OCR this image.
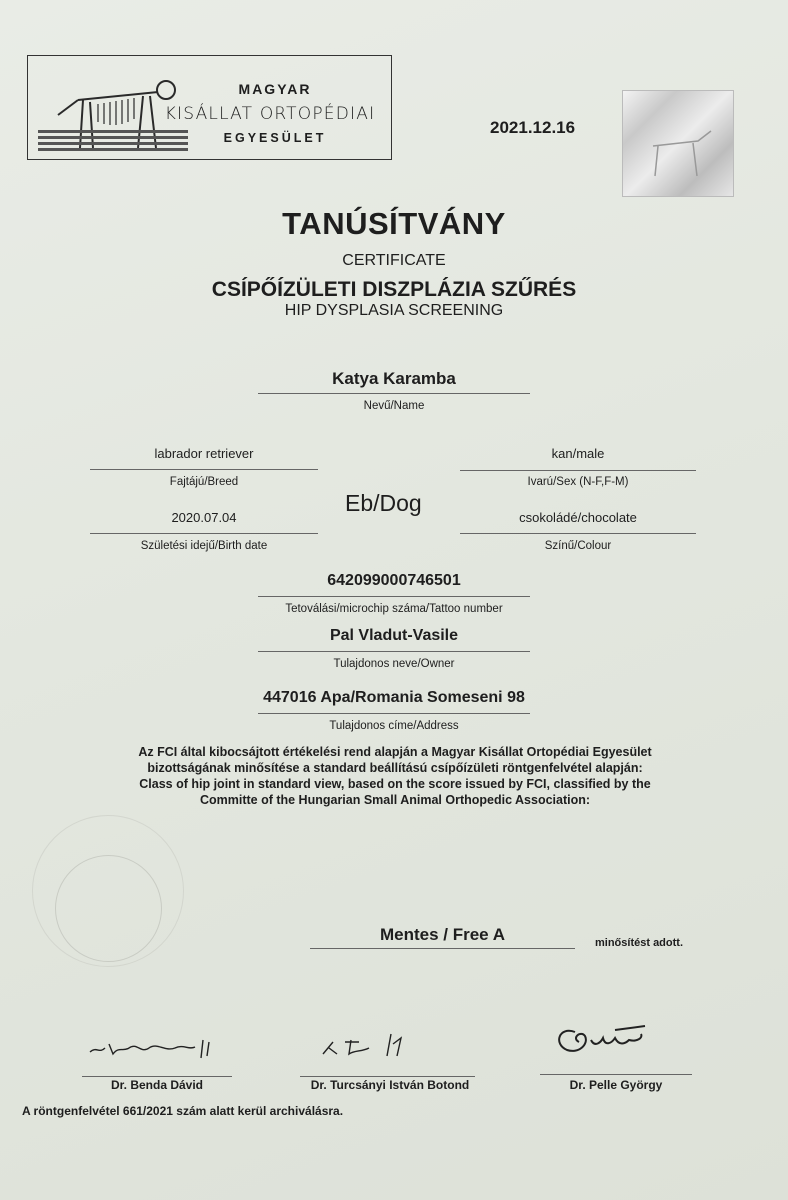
MAGYAR
KISÁLLAT ORTOPÉDIAI
EGYESÜLET
2021.12.16
TANÚSÍTVÁNY
CERTIFICATE
CSÍPŐÍZÜLETI DISZPLÁZIA SZŰRÉS
HIP DYSPLASIA SCREENING
Katya Karamba
Nevű/Name
labrador retriever
Fajtájú/Breed
kan/male
Ivarú/Sex (N-F,F-M)
Eb/Dog
2020.07.04
Születési idejű/Birth date
csokoládé/chocolate
Színű/Colour
642099000746501
Tetoválási/microchip száma/Tattoo number
Pal Vladut-Vasile
Tulajdonos neve/Owner
447016 Apa/Romania Someseni 98
Tulajdonos címe/Address
Az FCI által kibocsájtott értékelési rend alapján a Magyar Kisállat Ortopédiai Egyesület
bizottságának minősítése a standard beállítású csípőízületi röntgenfelvétel alapján:
Class of hip joint in standard view, based on the score issued by FCI, classified by the
Committe of the Hungarian Small Animal Orthopedic Association:
Mentes / Free A	minősítést adott.
Dr. Benda Dávid	Dr. Turcsányi István Botond	Dr. Pelle György
A röntgenfelvétel 661/2021 szám alatt kerül archiválásra.
